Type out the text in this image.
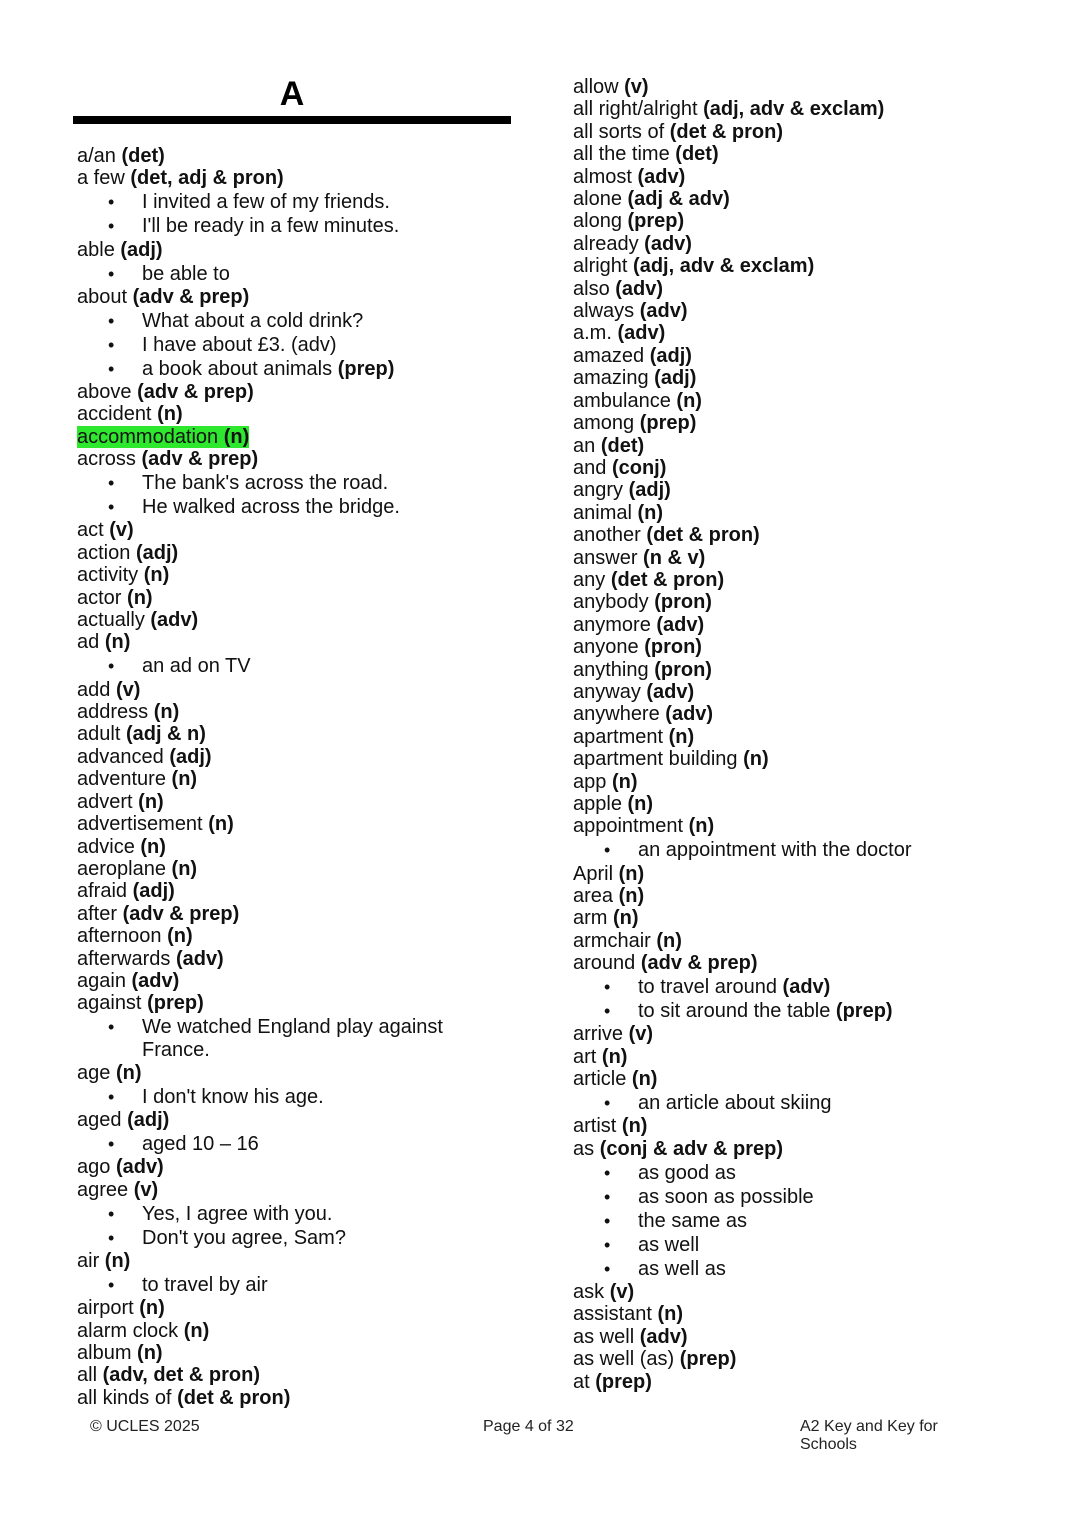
A
a/an (det)
a few (det, adj & pron)
• I invited a few of my friends.
• I'll be ready in a few minutes.
able (adj)
• be able to
about (adv & prep)
• What about a cold drink?
• I have about £3. (adv)
• a book about animals (prep)
above (adv & prep)
accident (n)
accommodation (n)
across (adv & prep)
• The bank's across the road.
• He walked across the bridge.
act (v)
action (adj)
activity (n)
actor (n)
actually (adv)
ad (n)
• an ad on TV
add (v)
address (n)
adult (adj & n)
advanced (adj)
adventure (n)
advert (n)
advertisement (n)
advice (n)
aeroplane (n)
afraid (adj)
after (adv & prep)
afternoon (n)
afterwards (adv)
again (adv)
against (prep)
• We watched England play against
France.
age (n)
• I don't know his age.
aged (adj)
• aged 10 – 16
ago (adv)
agree (v)
• Yes, I agree with you.
• Don't you agree, Sam?
air (n)
• to travel by air
airport (n)
alarm clock (n)
album (n)
all (adv, det & pron)
all kinds of (det & pron)
allow (v)
all right/alright (adj, adv & exclam)
all sorts of (det & pron)
all the time (det)
almost (adv)
alone (adj & adv)
along (prep)
already (adv)
alright (adj, adv & exclam)
also (adv)
always (adv)
a.m. (adv)
amazed (adj)
amazing (adj)
ambulance (n)
among (prep)
an (det)
and (conj)
angry (adj)
animal (n)
another (det & pron)
answer (n & v)
any (det & pron)
anybody (pron)
anymore (adv)
anyone (pron)
anything (pron)
anyway (adv)
anywhere (adv)
apartment (n)
apartment building (n)
app (n)
apple (n)
appointment (n)
• an appointment with the doctor
April (n)
area (n)
arm (n)
armchair (n)
around (adv & prep)
• to travel around (adv)
• to sit around the table (prep)
arrive (v)
art (n)
article (n)
• an article about skiing
artist (n)
as (conj & adv & prep)
• as good as
• as soon as possible
• the same as
• as well
• as well as
ask (v)
assistant (n)
as well (adv)
as well (as) (prep)
at (prep)
© UCLES 2025	Page 4 of 32	A2 Key and Key for
Schools
